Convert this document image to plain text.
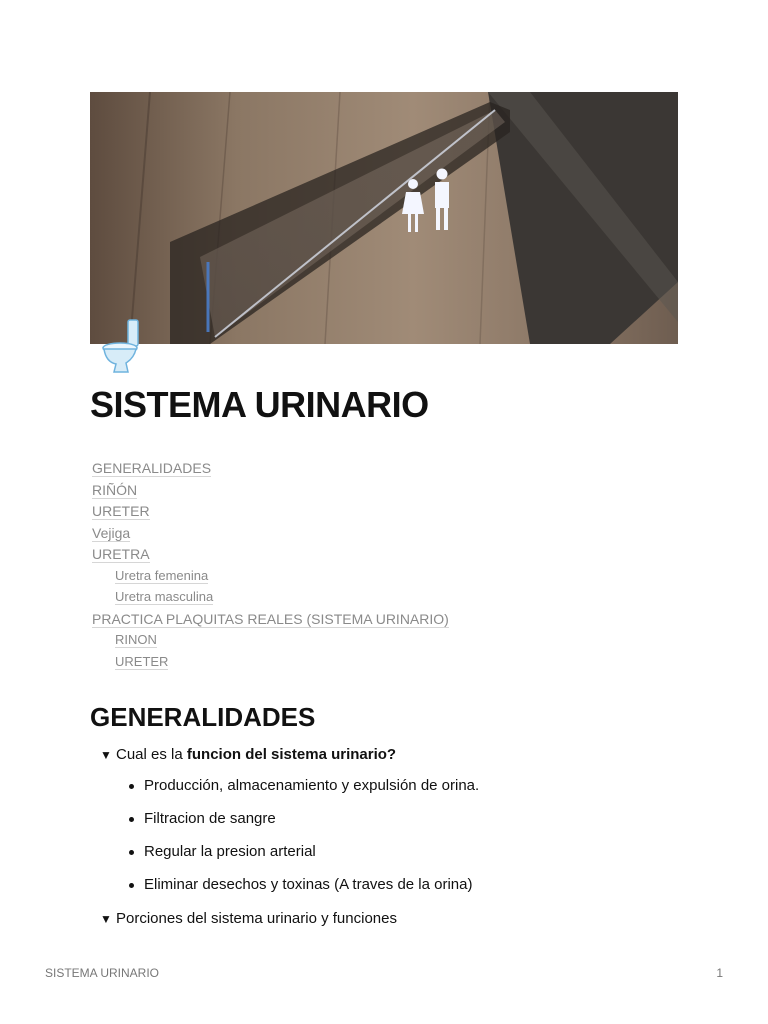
SISTEMA URINARIO
GENERALIDADES
RIÑÓN
URETER
Vejiga
URETRA
Uretra femenina
Uretra masculina
PRACTICA PLAQUITAS REALES (SISTEMA URINARIO)
RINON
URETER
GENERALIDADES
▼ Cual es la funcion del sistema urinario?
Producción, almacenamiento y expulsión de orina.
Filtracion de sangre
Regular la presion arterial
Eliminar desechos y toxinas (A traves de la orina)
▼ Porciones del sistema urinario y funciones
SISTEMA URINARIO	1
